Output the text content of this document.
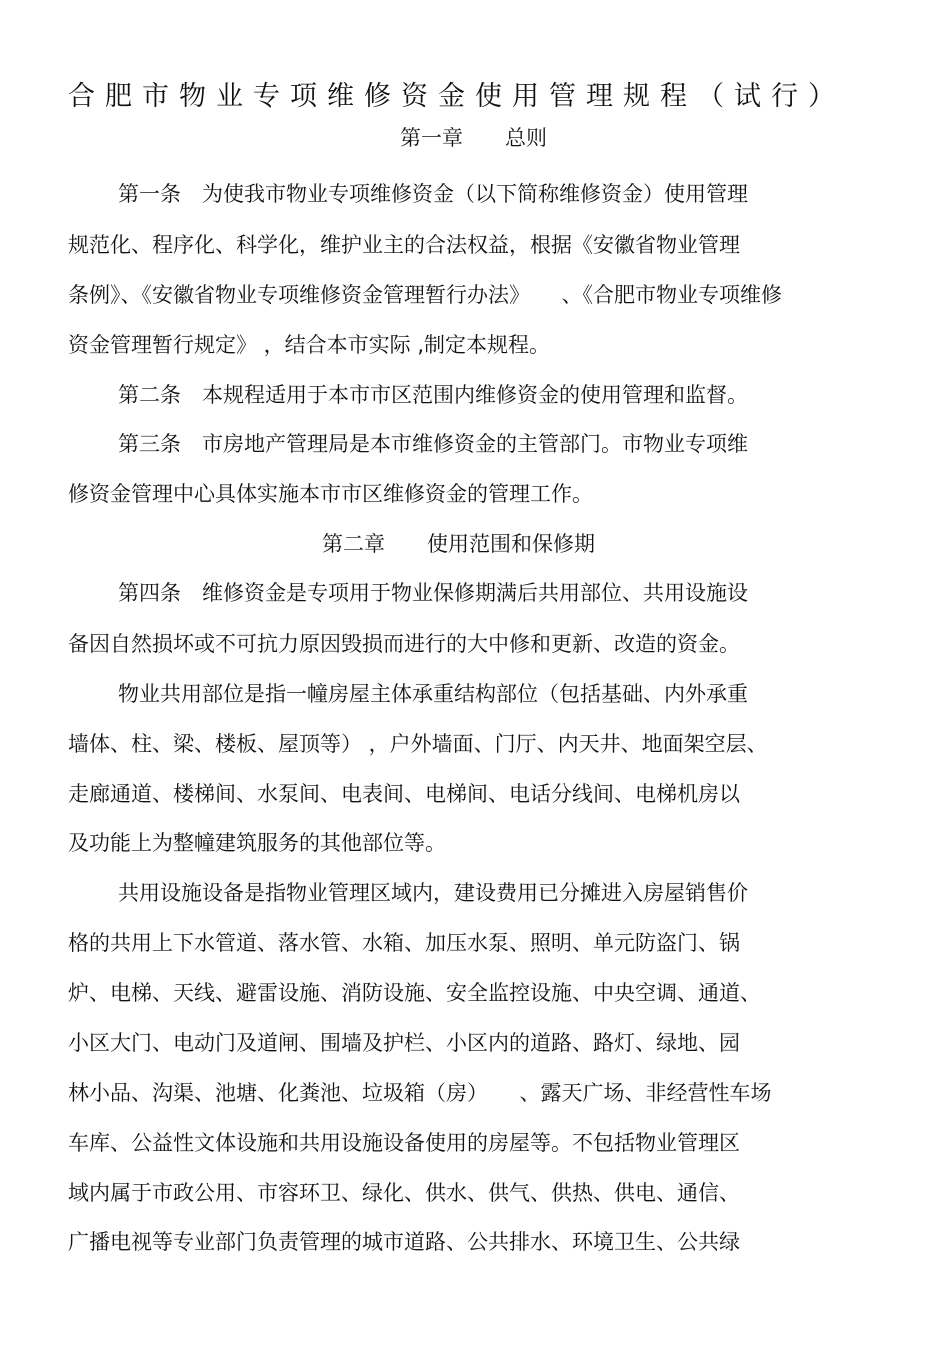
合肥市物业专项维修资金使用管理规程（试行）
第一章　　总则
第一条　为使我市物业专项维修资金（以下简称维修资金）使用管理
规范化、程序化、科学化，维护业主的合法权益，根据《安徽省物业管理
条例》、《安徽省物业专项维修资金管理暂行办法》　　、《合肥市物业专项维修
资金管理暂行规定》 ，结合本市实际 ,制定本规程。
第二条　本规程适用于本市市区范围内维修资金的使用管理和监督。
第三条　市房地产管理局是本市维修资金的主管部门。市物业专项维
修资金管理中心具体实施本市市区维修资金的管理工作。
第二章　　使用范围和保修期
第四条　维修资金是专项用于物业保修期满后共用部位、共用设施设
备因自然损坏或不可抗力原因毁损而进行的大中修和更新、改造的资金。
物业共用部位是指一幢房屋主体承重结构部位（包括基础、内外承重
墙体、柱、梁、楼板、屋顶等） ，户外墙面、门厅、内天井、地面架空层、
走廊通道、楼梯间、水泵间、电表间、电梯间、电话分线间、电梯机房以
及功能上为整幢建筑服务的其他部位等。
共用设施设备是指物业管理区域内，建设费用已分摊进入房屋销售价
格的共用上下水管道、落水管、水箱、加压水泵、照明、单元防盗门、锅
炉、电梯、天线、避雷设施、消防设施、安全监控设施、中央空调、通道、
小区大门、电动门及道闸、围墙及护栏、小区内的道路、路灯、绿地、园
林小品、沟渠、池塘、化粪池、垃圾箱（房）　　、露天广场、非经营性车场
车库、公益性文体设施和共用设施设备使用的房屋等。不包括物业管理区
域内属于市政公用、市容环卫、绿化、供水、供气、供热、供电、通信、
广播电视等专业部门负责管理的城市道路、公共排水、环境卫生、公共绿
